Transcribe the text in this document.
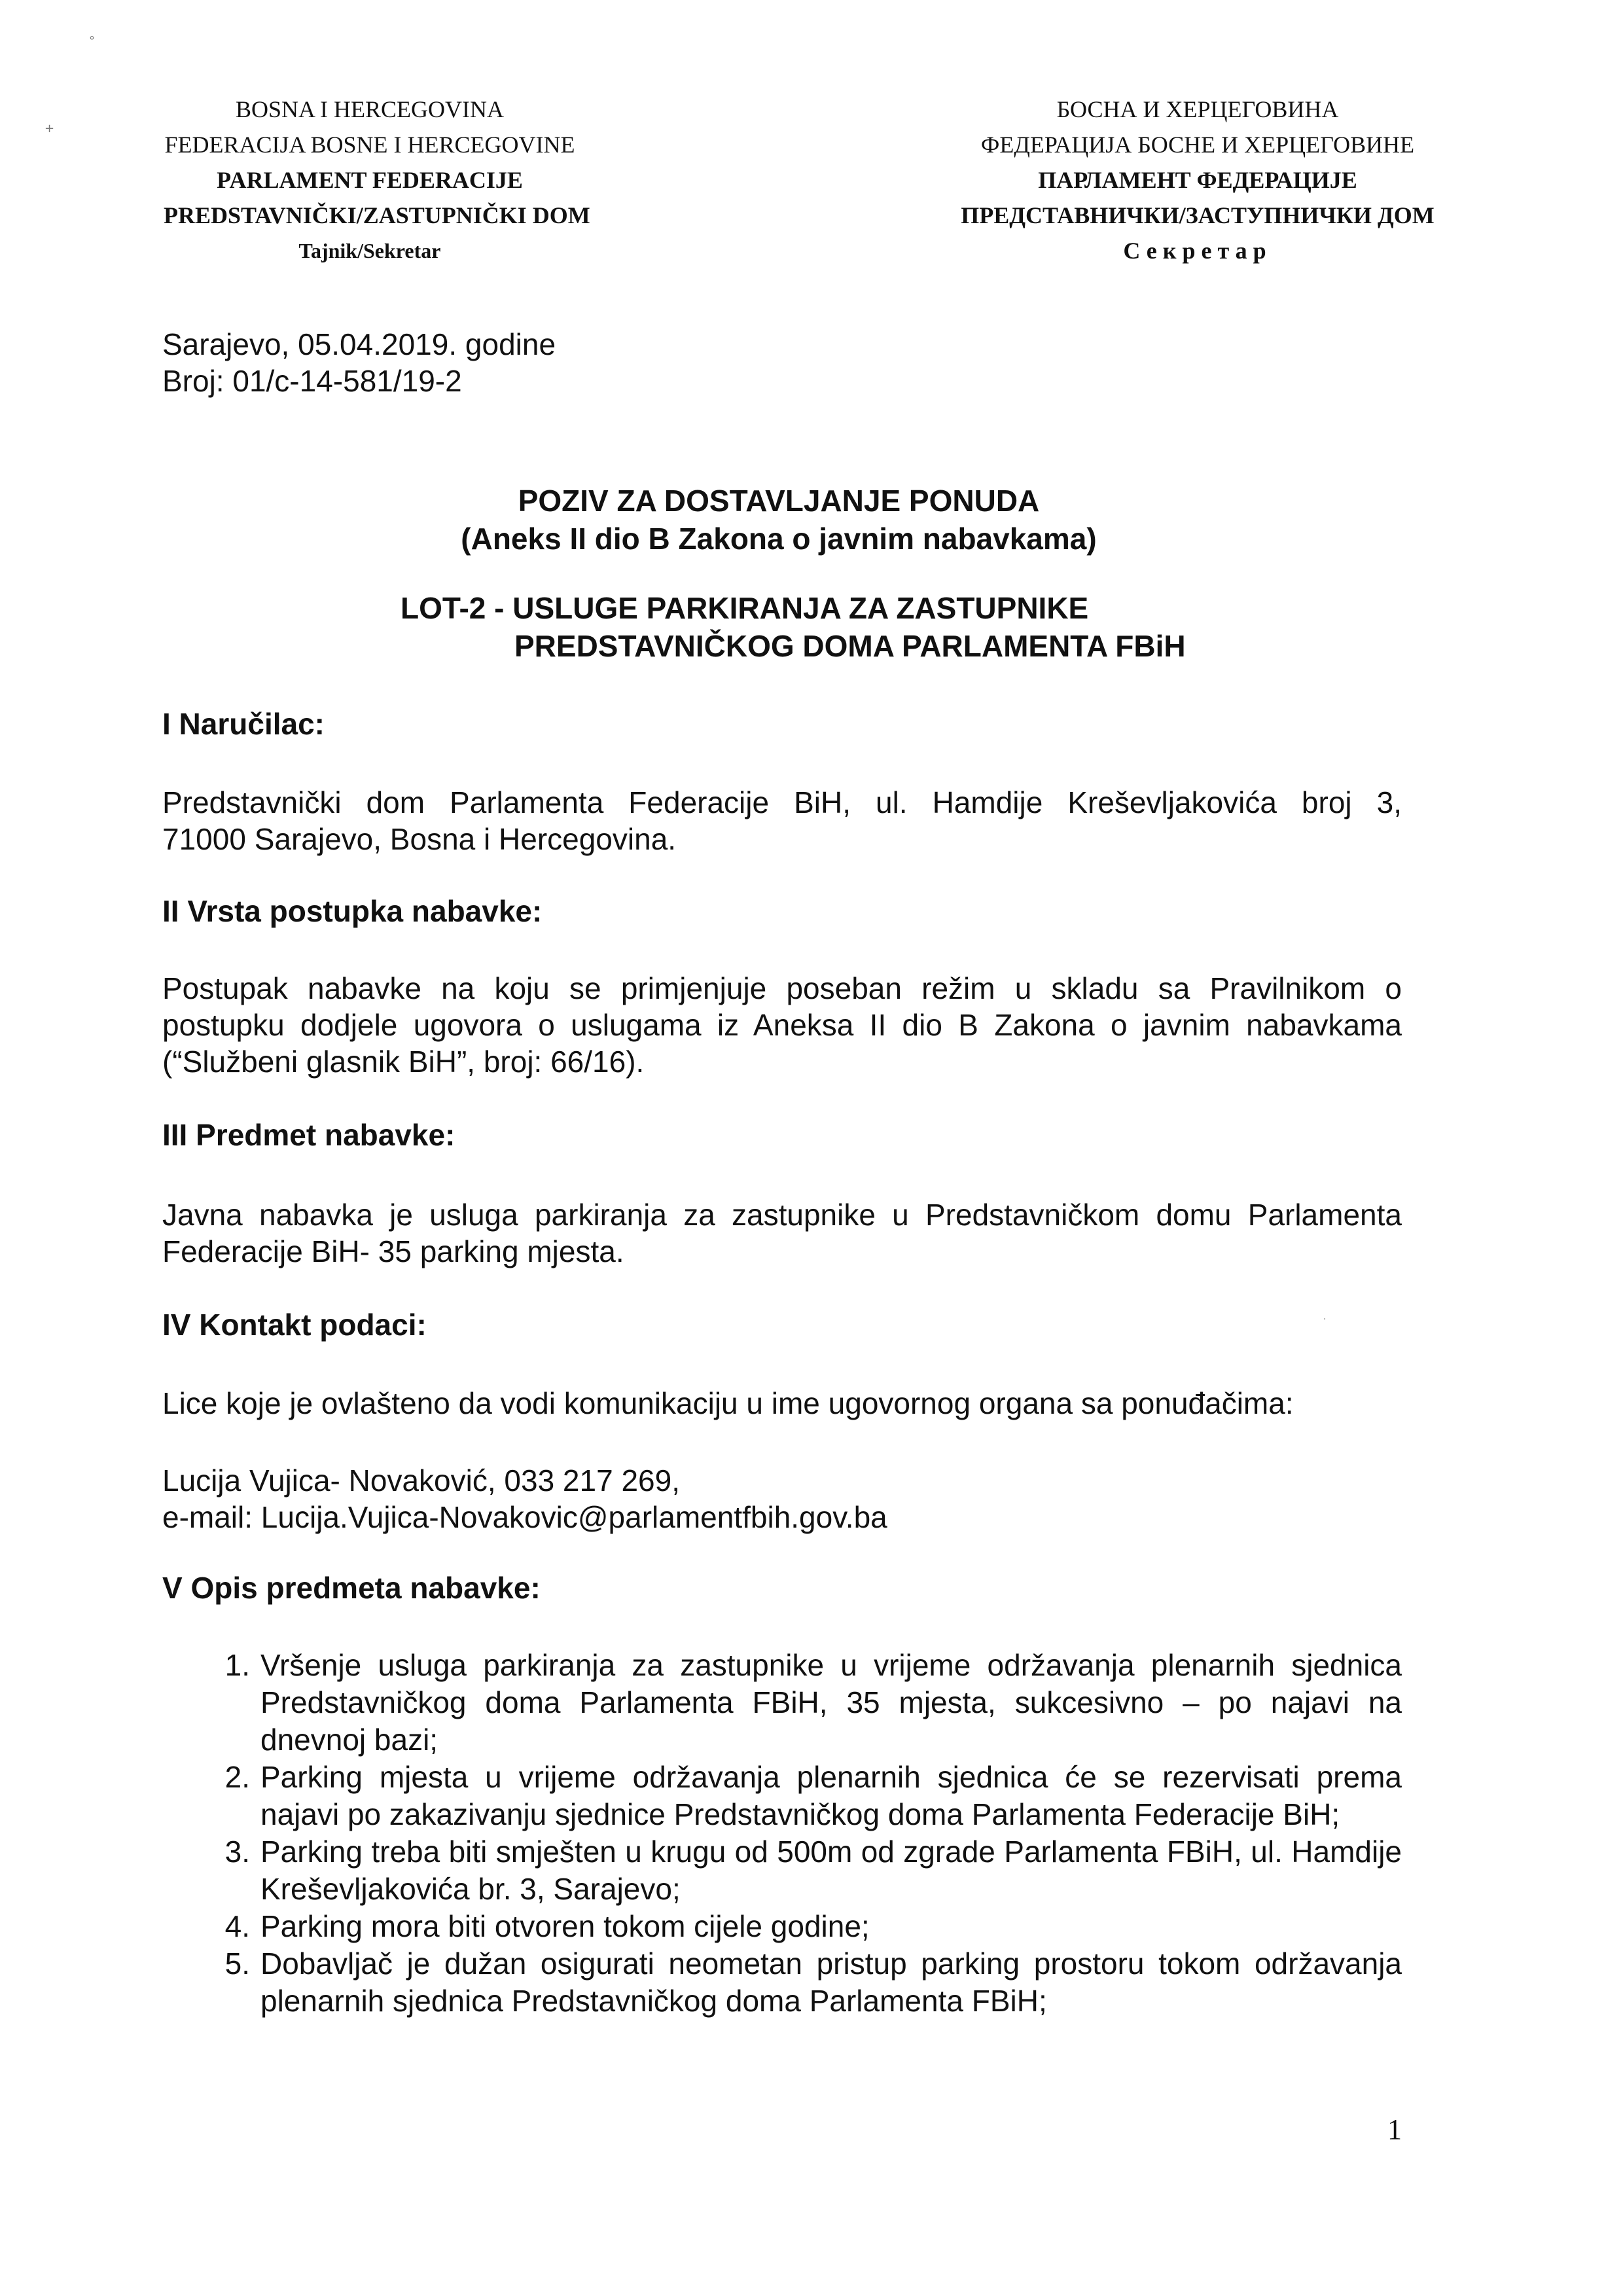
°
+
·
BOSNA I HERCEGOVINA
FEDERACIJA BOSNE I HERCEGOVINE
PARLAMENT FEDERACIJE
PREDSTAVNIČKI/ZASTUPNIČKI DOM
Tajnik/Sekretar
БОСНА И ХЕРЦЕГОВИНА
ФЕДЕРАЦИЈА БОСНЕ И ХЕРЦЕГОВИНЕ
ПАРЛАМЕНТ ФЕДЕРАЦИЈЕ
ПРЕДСТАВНИЧКИ/ЗАСТУПНИЧКИ ДОМ
Секретар
Sarajevo, 05.04.2019. godine
Broj: 01/c-14-581/19-2
POZIV ZA DOSTAVLJANJE PONUDA
(Aneks II dio B Zakona o javnim nabavkama)
LOT-2 - USLUGE PARKIRANJA ZA ZASTUPNIKE
PREDSTAVNIČKOG DOMA PARLAMENTA FBiH
I Naručilac:
Predstavnički dom Parlamenta Federacije BiH, ul. Hamdije Kreševljakovića broj 3,
71000 Sarajevo, Bosna i Hercegovina.
II Vrsta postupka nabavke:
Postupak nabavke na koju se primjenjuje poseban režim u skladu sa Pravilnikom o
postupku dodjele ugovora o uslugama iz Aneksa II dio B Zakona o javnim nabavkama
(“Službeni glasnik BiH”, broj: 66/16).
III Predmet nabavke:
Javna nabavka je usluga parkiranja za zastupnike u Predstavničkom domu Parlamenta
Federacije BiH- 35 parking mjesta.
IV Kontakt podaci:
Lice koje je ovlašteno da vodi komunikaciju u ime ugovornog organa sa ponuđačima:
Lucija Vujica- Novaković, 033 217 269,
e-mail: Lucija.Vujica-Novakovic@parlamentfbih.gov.ba
V Opis predmeta nabavke:
1. Vršenje usluga parkiranja za zastupnike u vrijeme održavanja plenarnih sjednica Predstavničkog doma Parlamenta FBiH, 35 mjesta, sukcesivno – po najavi na dnevnoj bazi;
2. Parking mjesta u vrijeme održavanja plenarnih sjednica će se rezervisati prema najavi po zakazivanju sjednice Predstavničkog doma Parlamenta Federacije BiH;
3. Parking treba biti smješten u krugu od 500m od zgrade Parlamenta FBiH, ul. Hamdije Kreševljakovića br. 3, Sarajevo;
4. Parking mora biti otvoren tokom cijele godine;
5. Dobavljač je dužan osigurati neometan pristup parking prostoru tokom održavanja plenarnih sjednica Predstavničkog doma Parlamenta FBiH;
1
